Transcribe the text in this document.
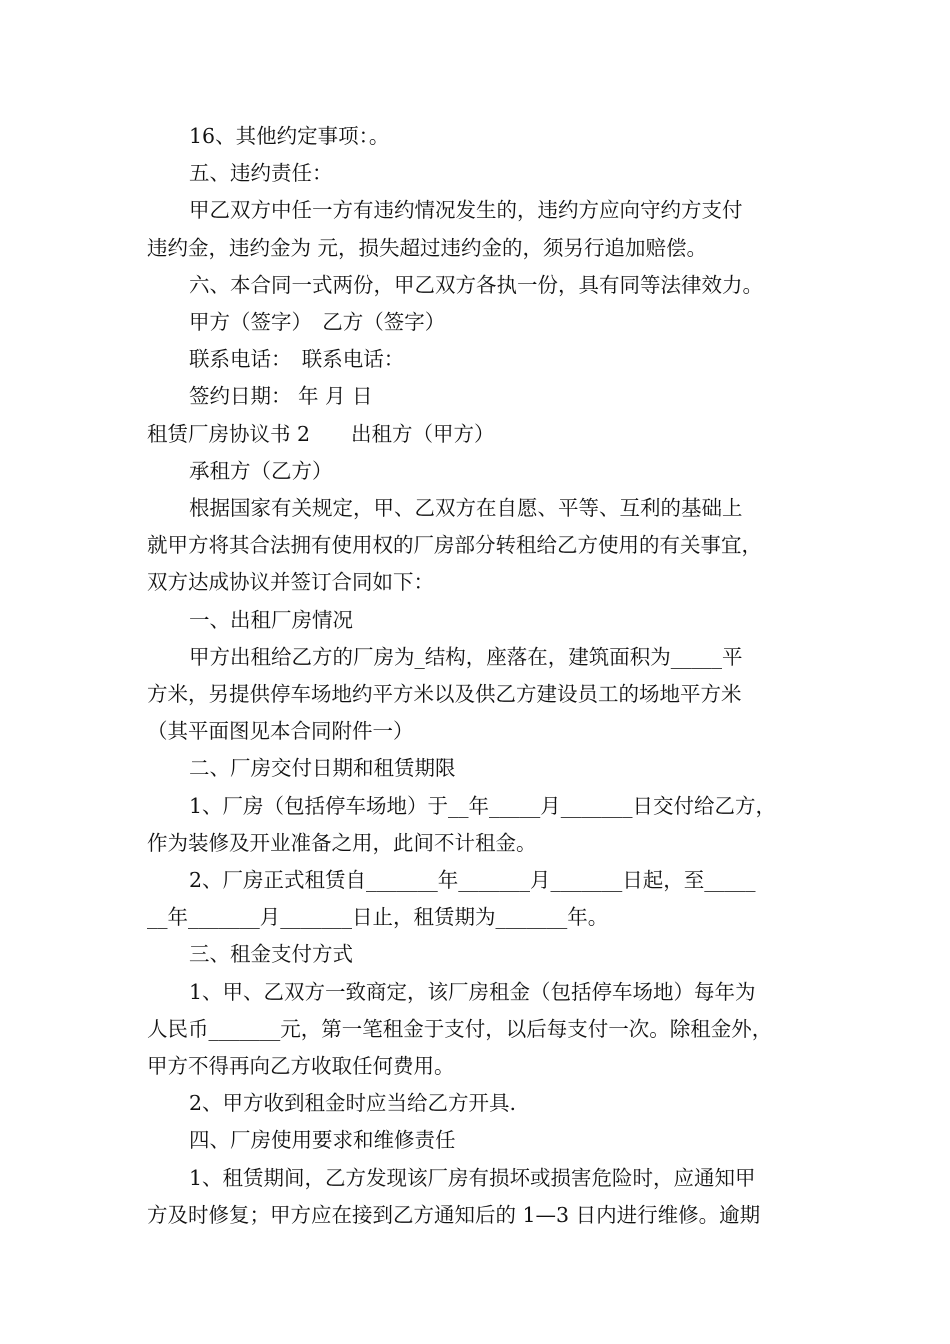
16、其他约定事项：。

五、违约责任：

甲乙双方中任一方有违约情况发生的，违约方应向守约方支付
违约金，违约金为 元，损失超过违约金的，须另行追加赔偿。

六、本合同一式两份，甲乙双方各执一份，具有同等法律效力。

甲方（签字）　乙方（签字）

联系电话：　联系电话：

签约日期： 年 月 日

租赁厂房协议书 2　　出租方（甲方）

承租方（乙方）

根据国家有关规定，甲、乙双方在自愿、平等、互利的基础上
就甲方将其合法拥有使用权的厂房部分转租给乙方使用的有关事宜，
双方达成协议并签订合同如下：

一、出租厂房情况

甲方出租给乙方的厂房为_结构，座落在，建筑面积为_____平
方米，另提供停车场地约平方米以及供乙方建设员工的场地平方米
（其平面图见本合同附件一）

二、厂房交付日期和租赁期限

1、厂房（包括停车场地）于__年_____月_______日交付给乙方，
作为装修及开业准备之用，此间不计租金。

2、厂房正式租赁自_______年_______月_______日起，至_____
__年_______月_______日止，租赁期为_______年。

三、租金支付方式

1、甲、乙双方一致商定，该厂房租金（包括停车场地）每年为
人民币_______元，第一笔租金于支付，以后每支付一次。除租金外，
甲方不得再向乙方收取任何费用。

2、甲方收到租金时应当给乙方开具.

四、厂房使用要求和维修责任

1、租赁期间，乙方发现该厂房有损坏或损害危险时，应通知甲
方及时修复；甲方应在接到乙方通知后的 1—3 日内进行维修。逾期
